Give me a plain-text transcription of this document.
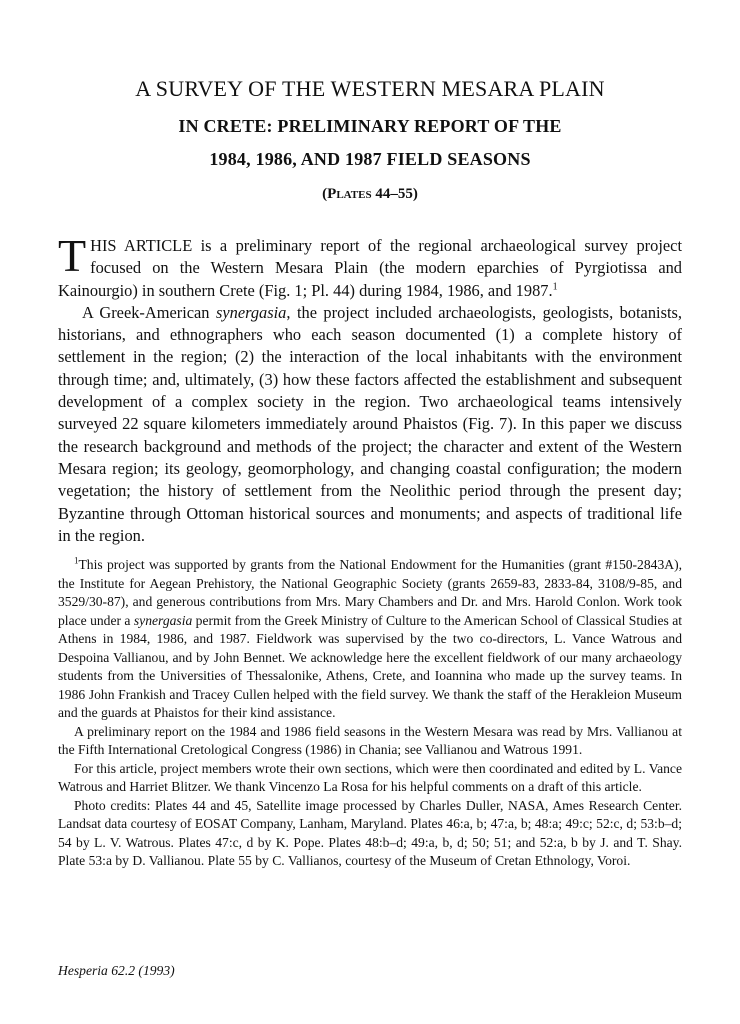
A SURVEY OF THE WESTERN MESARA PLAIN
IN CRETE: PRELIMINARY REPORT OF THE
1984, 1986, AND 1987 FIELD SEASONS
(Plates 44–55)

THIS ARTICLE is a preliminary report of the regional archaeological survey project focused on the Western Mesara Plain (the modern eparchies of Pyrgiotissa and Kainourgio) in southern Crete (Fig. 1; Pl. 44) during 1984, 1986, and 1987.$^1$

A Greek-American synergasia, the project included archaeologists, geologists, botanists, historians, and ethnographers who each season documented (1) a complete history of settlement in the region; (2) the interaction of the local inhabitants with the environment through time; and, ultimately, (3) how these factors affected the establishment and subsequent development of a complex society in the region. Two archaeological teams intensively surveyed 22 square kilometers immediately around Phaistos (Fig. 7). In this paper we discuss the research background and methods of the project; the character and extent of the Western Mesara region; its geology, geomorphology, and changing coastal configuration; the modern vegetation; the history of settlement from the Neolithic period through the present day; Byzantine through Ottoman historical sources and monuments; and aspects of traditional life in the region.

$^1$This project was supported by grants from the National Endowment for the Humanities (grant #150-2843A), the Institute for Aegean Prehistory, the National Geographic Society (grants 2659-83, 2833-84, 3108/9-85, and 3529/30-87), and generous contributions from Mrs. Mary Chambers and Dr. and Mrs. Harold Conlon. Work took place under a synergasia permit from the Greek Ministry of Culture to the American School of Classical Studies at Athens in 1984, 1986, and 1987. Fieldwork was supervised by the two co-directors, L. Vance Watrous and Despoina Vallianou, and by John Bennet. We acknowledge here the excellent fieldwork of our many archaeology students from the Universities of Thessalonike, Athens, Crete, and Ioannina who made up the survey teams. In 1986 John Frankish and Tracey Cullen helped with the field survey. We thank the staff of the Herakleion Museum and the guards at Phaistos for their kind assistance.

A preliminary report on the 1984 and 1986 field seasons in the Western Mesara was read by Mrs. Vallianou at the Fifth International Cretological Congress (1986) in Chania; see Vallianou and Watrous 1991.

For this article, project members wrote their own sections, which were then coordinated and edited by L. Vance Watrous and Harriet Blitzer. We thank Vincenzo La Rosa for his helpful comments on a draft of this article.

Photo credits: Plates 44 and 45, Satellite image processed by Charles Duller, NASA, Ames Research Center. Landsat data courtesy of EOSAT Company, Lanham, Maryland. Plates 46:a, b; 47:a, b; 48:a; 49:c; 52:c, d; 53:b–d; 54 by L. V. Watrous. Plates 47:c, d by K. Pope. Plates 48:b–d; 49:a, b, d; 50; 51; and 52:a, b by J. and T. Shay. Plate 53:a by D. Vallianou. Plate 55 by C. Vallianos, courtesy of the Museum of Cretan Ethnology, Voroi.

Hesperia 62.2 (1993)
